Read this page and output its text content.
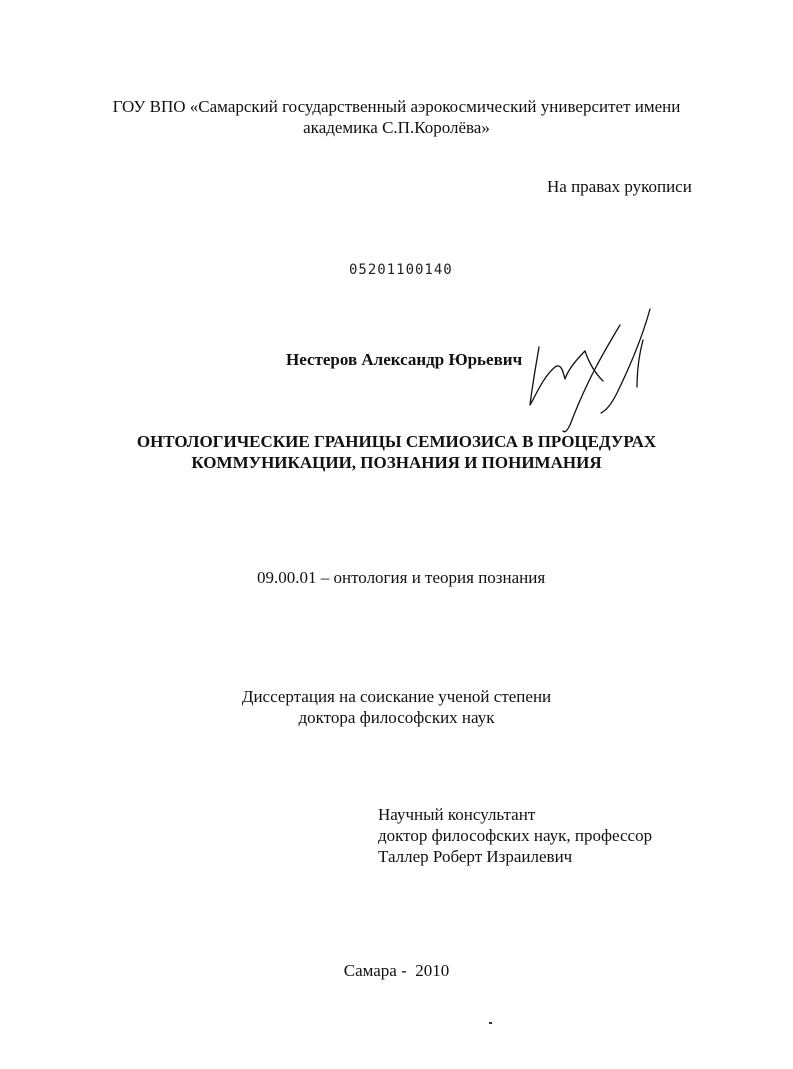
ГОУ ВПО «Самарский государственный аэрокосмический университет имени
академика С.П.Королёва»
На правах рукописи
05201100140
Нестеров Александр Юрьевич
ОНТОЛОГИЧЕСКИЕ ГРАНИЦЫ СЕМИОЗИСА В ПРОЦЕДУРАХ
КОММУНИКАЦИИ, ПОЗНАНИЯ И ПОНИМАНИЯ
09.00.01 – онтология и теория познания
Диссертация на соискание ученой степени
доктора философских наук
Научный консультант
доктор философских наук, профессор
Таллер Роберт Израилевич
Самара -  2010
